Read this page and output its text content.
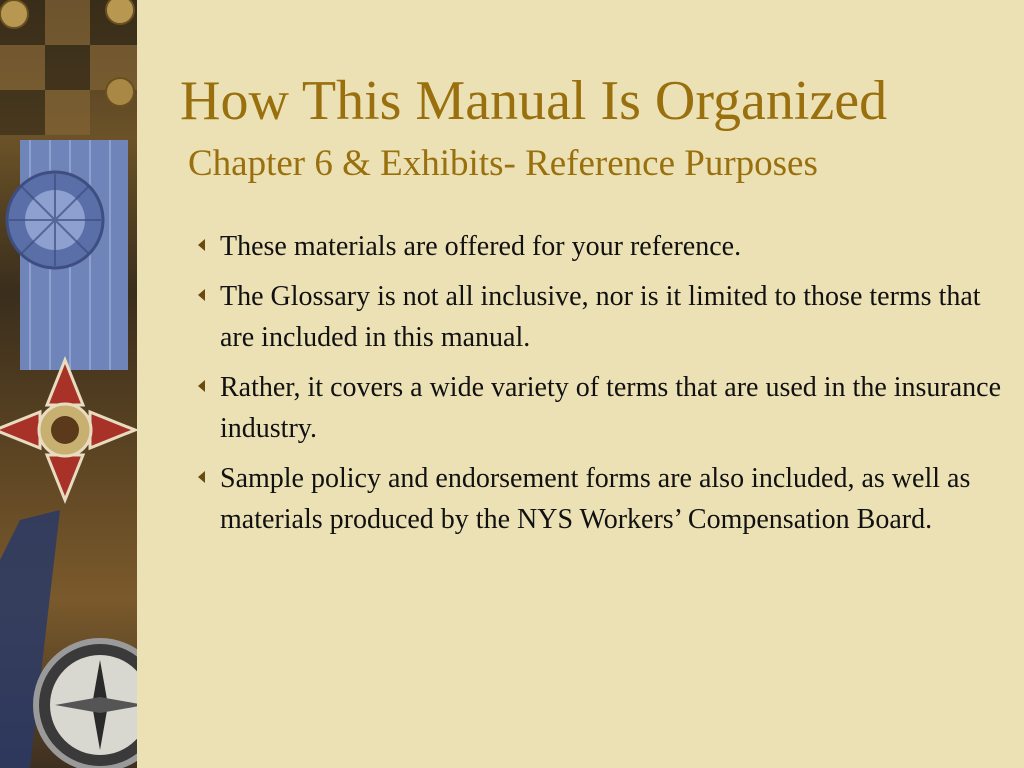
How This Manual Is Organized
Chapter 6 & Exhibits- Reference Purposes
These materials are offered for your reference.
The Glossary is not all inclusive, nor is it limited to those terms that are included in this manual.
Rather, it covers a wide variety of terms that are used in the insurance industry.
Sample policy and endorsement forms are also included, as well as materials produced by the NYS Workers’ Compensation Board.
